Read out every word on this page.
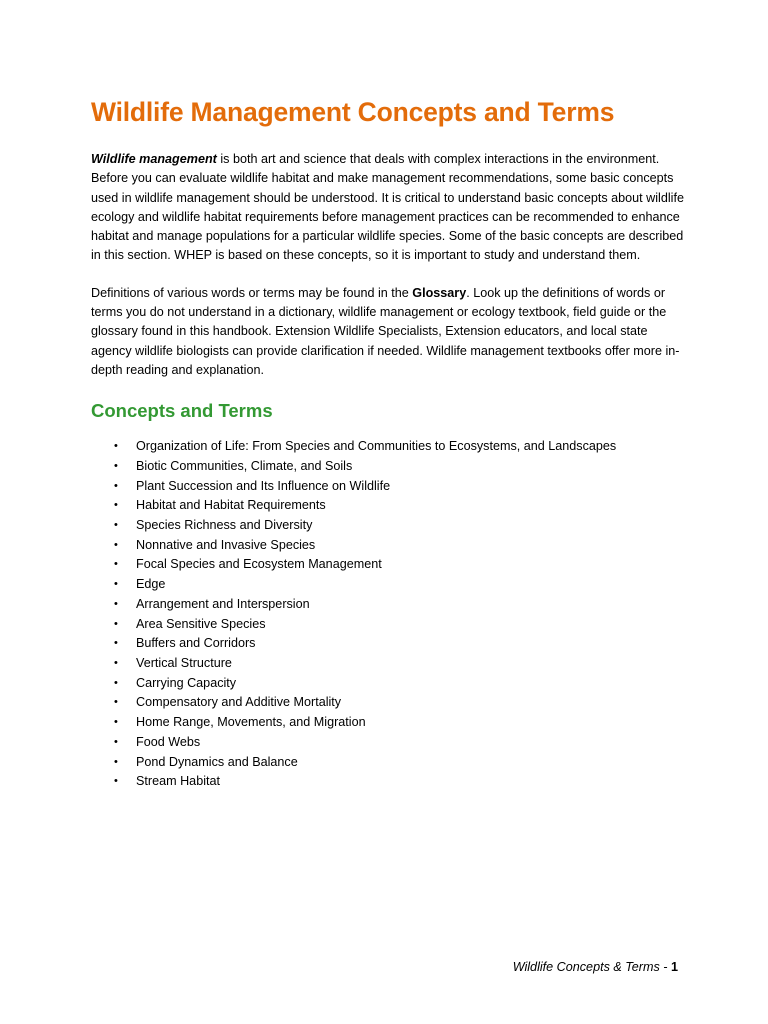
Wildlife Management Concepts and Terms

Wildlife management is both art and science that deals with complex interactions in the environment. Before you can evaluate wildlife habitat and make management recommendations, some basic concepts used in wildlife management should be understood. It is critical to understand basic concepts about wildlife ecology and wildlife habitat requirements before management practices can be recommended to enhance habitat and manage populations for a particular wildlife species. Some of the basic concepts are described in this section. WHEP is based on these concepts, so it is important to study and understand them.

Definitions of various words or terms may be found in the Glossary. Look up the definitions of words or terms you do not understand in a dictionary, wildlife management or ecology textbook, field guide or the glossary found in this handbook. Extension Wildlife Specialists, Extension educators, and local state agency wildlife biologists can provide clarification if needed. Wildlife management textbooks offer more in-depth reading and explanation.

Concepts and Terms
• Organization of Life: From Species and Communities to Ecosystems, and Landscapes
• Biotic Communities, Climate, and Soils
• Plant Succession and Its Influence on Wildlife
• Habitat and Habitat Requirements
• Species Richness and Diversity
• Nonnative and Invasive Species
• Focal Species and Ecosystem Management
• Edge
• Arrangement and Interspersion
• Area Sensitive Species
• Buffers and Corridors
• Vertical Structure
• Carrying Capacity
• Compensatory and Additive Mortality
• Home Range, Movements, and Migration
• Food Webs
• Pond Dynamics and Balance
• Stream Habitat
Wildlife Concepts & Terms - 1
